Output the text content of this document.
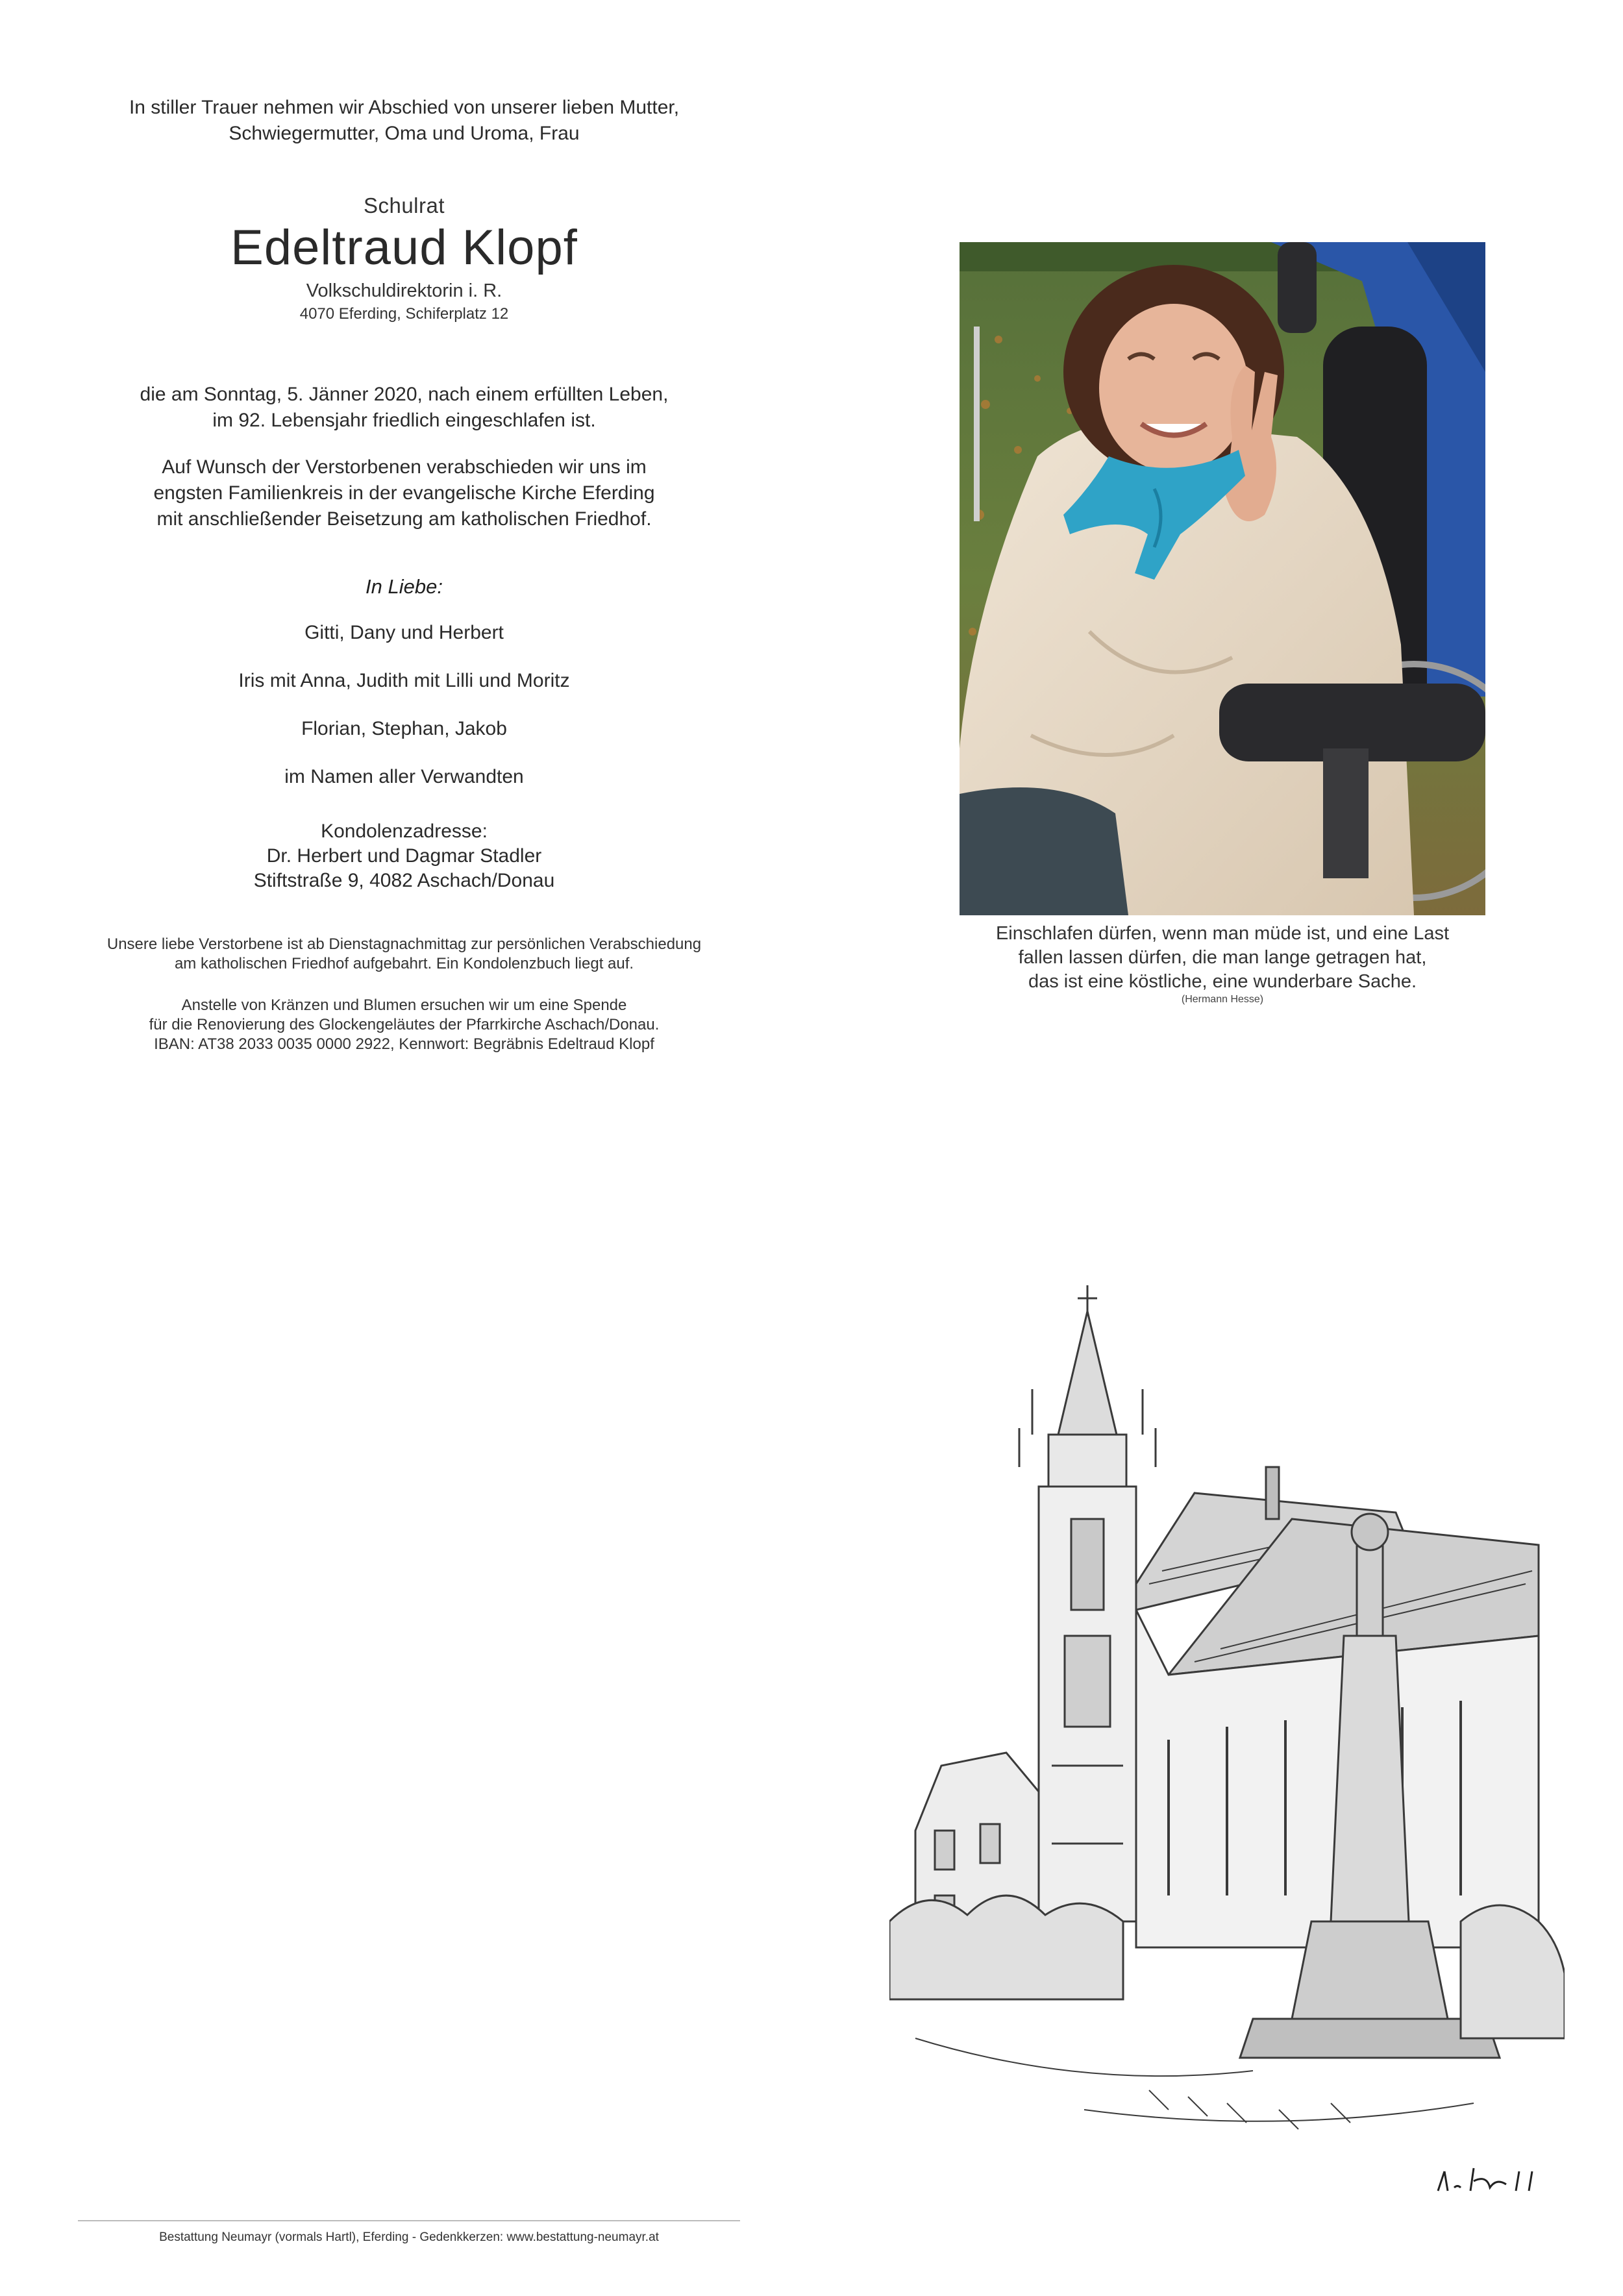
In stiller Trauer nehmen wir Abschied von unserer lieben Mutter,
Schwiegermutter, Oma und Uroma, Frau
Schulrat
Edeltraud Klopf
Volkschuldirektorin i. R.
4070 Eferding, Schiferplatz 12
die am Sonntag, 5. Jänner 2020, nach einem erfüllten Leben,
im 92. Lebensjahr friedlich eingeschlafen ist.
Auf Wunsch der Verstorbenen verabschieden wir uns im
engsten Familienkreis in der evangelische Kirche Eferding
mit anschließender Beisetzung am katholischen Friedhof.
In Liebe:
Gitti, Dany und Herbert
Iris mit Anna, Judith mit Lilli und Moritz
Florian, Stephan, Jakob
im Namen aller Verwandten
Kondolenzadresse:
Dr. Herbert und Dagmar Stadler
Stiftstraße 9, 4082 Aschach/Donau
Unsere liebe Verstorbene ist ab Dienstagnachmittag zur persönlichen Verabschiedung
am katholischen Friedhof aufgebahrt. Ein Kondolenzbuch liegt auf.
Anstelle von Kränzen und Blumen ersuchen wir um eine Spende
für die Renovierung des Glockengeläutes der Pfarrkirche Aschach/Donau.
IBAN: AT38 2033 0035 0000 2922, Kennwort: Begräbnis Edeltraud Klopf
Einschlafen dürfen, wenn man müde ist, und eine Last
fallen lassen dürfen, die man lange getragen hat,
das ist eine köstliche, eine wunderbare Sache.
(Hermann Hesse)
Bestattung Neumayr (vormals Hartl), Eferding - Gedenkkerzen: www.bestattung-neumayr.at
